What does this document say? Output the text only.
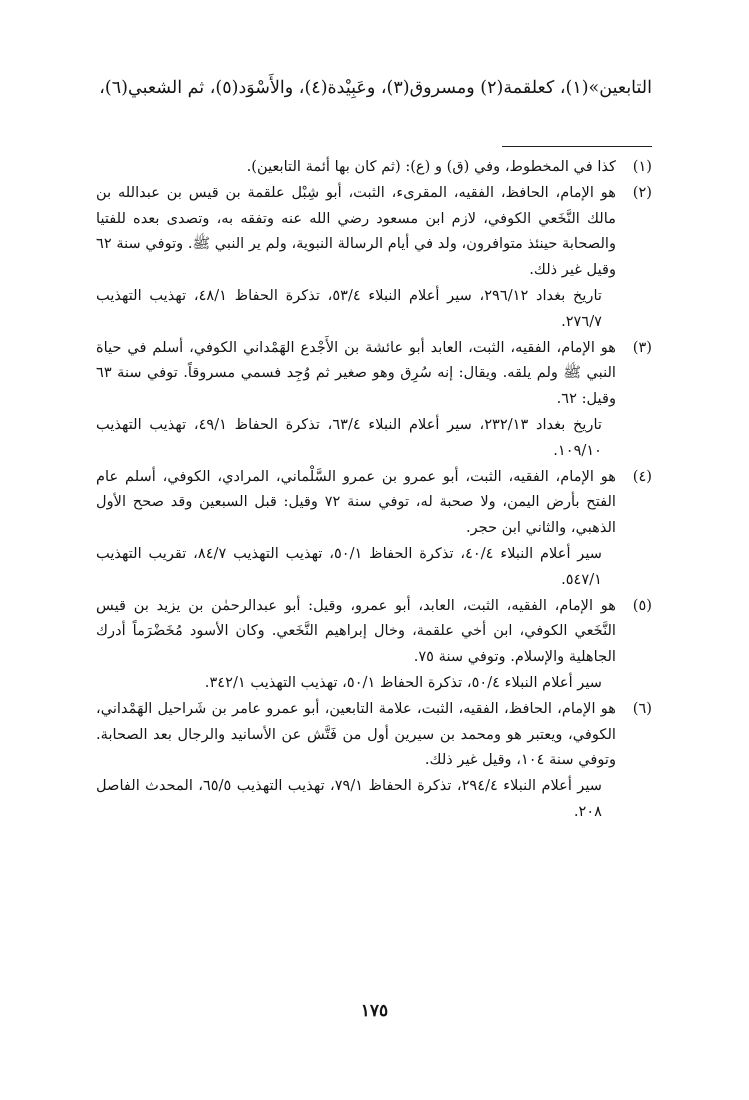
التابعين»(١)، كعلقمة(٢) ومسروق(٣)، وعَبِيْدة(٤)، والأَسْوَد(٥)، ثم الشعبي(٦)،
(١)

كذا في المخطوط، وفي (ق) و (ع): (ثم كان بها أئمة التابعين).

(٢)

هو الإمام، الحافظ، الفقيه، المقرىء، الثبت، أبو شِبْل علقمة بن قيس بن عبدالله بن مالك النَّخَعي الكوفي، لازم ابن مسعود رضي الله عنه وتفقه به، وتصدى بعده للفتيا والصحابة حينئذ متوافرون، ولد في أيام الرسالة النبوية، ولم ير النبي ﷺ. وتوفي سنة ٦٢ وقيل غير ذلك.

تاريخ بغداد ٢٩٦/١٢، سير أعلام النبلاء ٥٣/٤، تذكرة الحفاظ ٤٨/١، تهذيب التهذيب ٢٧٦/٧.

(٣)

هو الإمام، الفقيه، الثبت، العابد أبو عائشة بن الأَجْدع الهَمْداني الكوفي، أسلم في حياة النبي ﷺ ولم يلقه. ويقال: إنه سُرِق وهو صغير ثم وُجِد فسمي مسروقاً. توفي سنة ٦٣ وقيل: ٦٢.

تاريخ بغداد ٢٣٢/١٣، سير أعلام النبلاء ٦٣/٤، تذكرة الحفاظ ٤٩/١، تهذيب التهذيب ١٠٩/١٠.

(٤)

هو الإمام، الفقيه، الثبت، أبو عمرو بن عمرو السَّلْماني، المرادي، الكوفي، أسلم عام الفتح بأرض اليمن، ولا صحبة له، توفي سنة ٧٢ وقيل: قبل السبعين وقد صحح الأول الذهبي، والثاني ابن حجر.

سير أعلام النبلاء ٤٠/٤، تذكرة الحفاظ ٥٠/١، تهذيب التهذيب ٨٤/٧، تقريب التهذيب ٥٤٧/١.

(٥)

هو الإمام، الفقيه، الثبت، العابد، أبو عمرو، وقيل: أبو عبدالرحمٰن بن يزيد بن قيس النَّخَعي الكوفي، ابن أخي علقمة، وخال إبراهيم النَّخَعي. وكان الأسود مُخَضْرَماً أدرك الجاهلية والإسلام. وتوفي سنة ٧٥.

سير أعلام النبلاء ٥٠/٤، تذكرة الحفاظ ٥٠/١، تهذيب التهذيب ٣٤٢/١.

(٦)

هو الإمام، الحافظ، الفقيه، الثبت، علامة التابعين، أبو عمرو عامر بن شَراحيل الهَمْداني، الكوفي، ويعتبر هو ومحمد بن سيرين أول من فَتَّش عن الأسانيد والرجال بعد الصحابة. وتوفي سنة ١٠٤، وقيل غير ذلك.

سير أعلام النبلاء ٢٩٤/٤، تذكرة الحفاظ ٧٩/١، تهذيب التهذيب ٦٥/٥، المحدث الفاصل ٢٠٨.

١٧٥
